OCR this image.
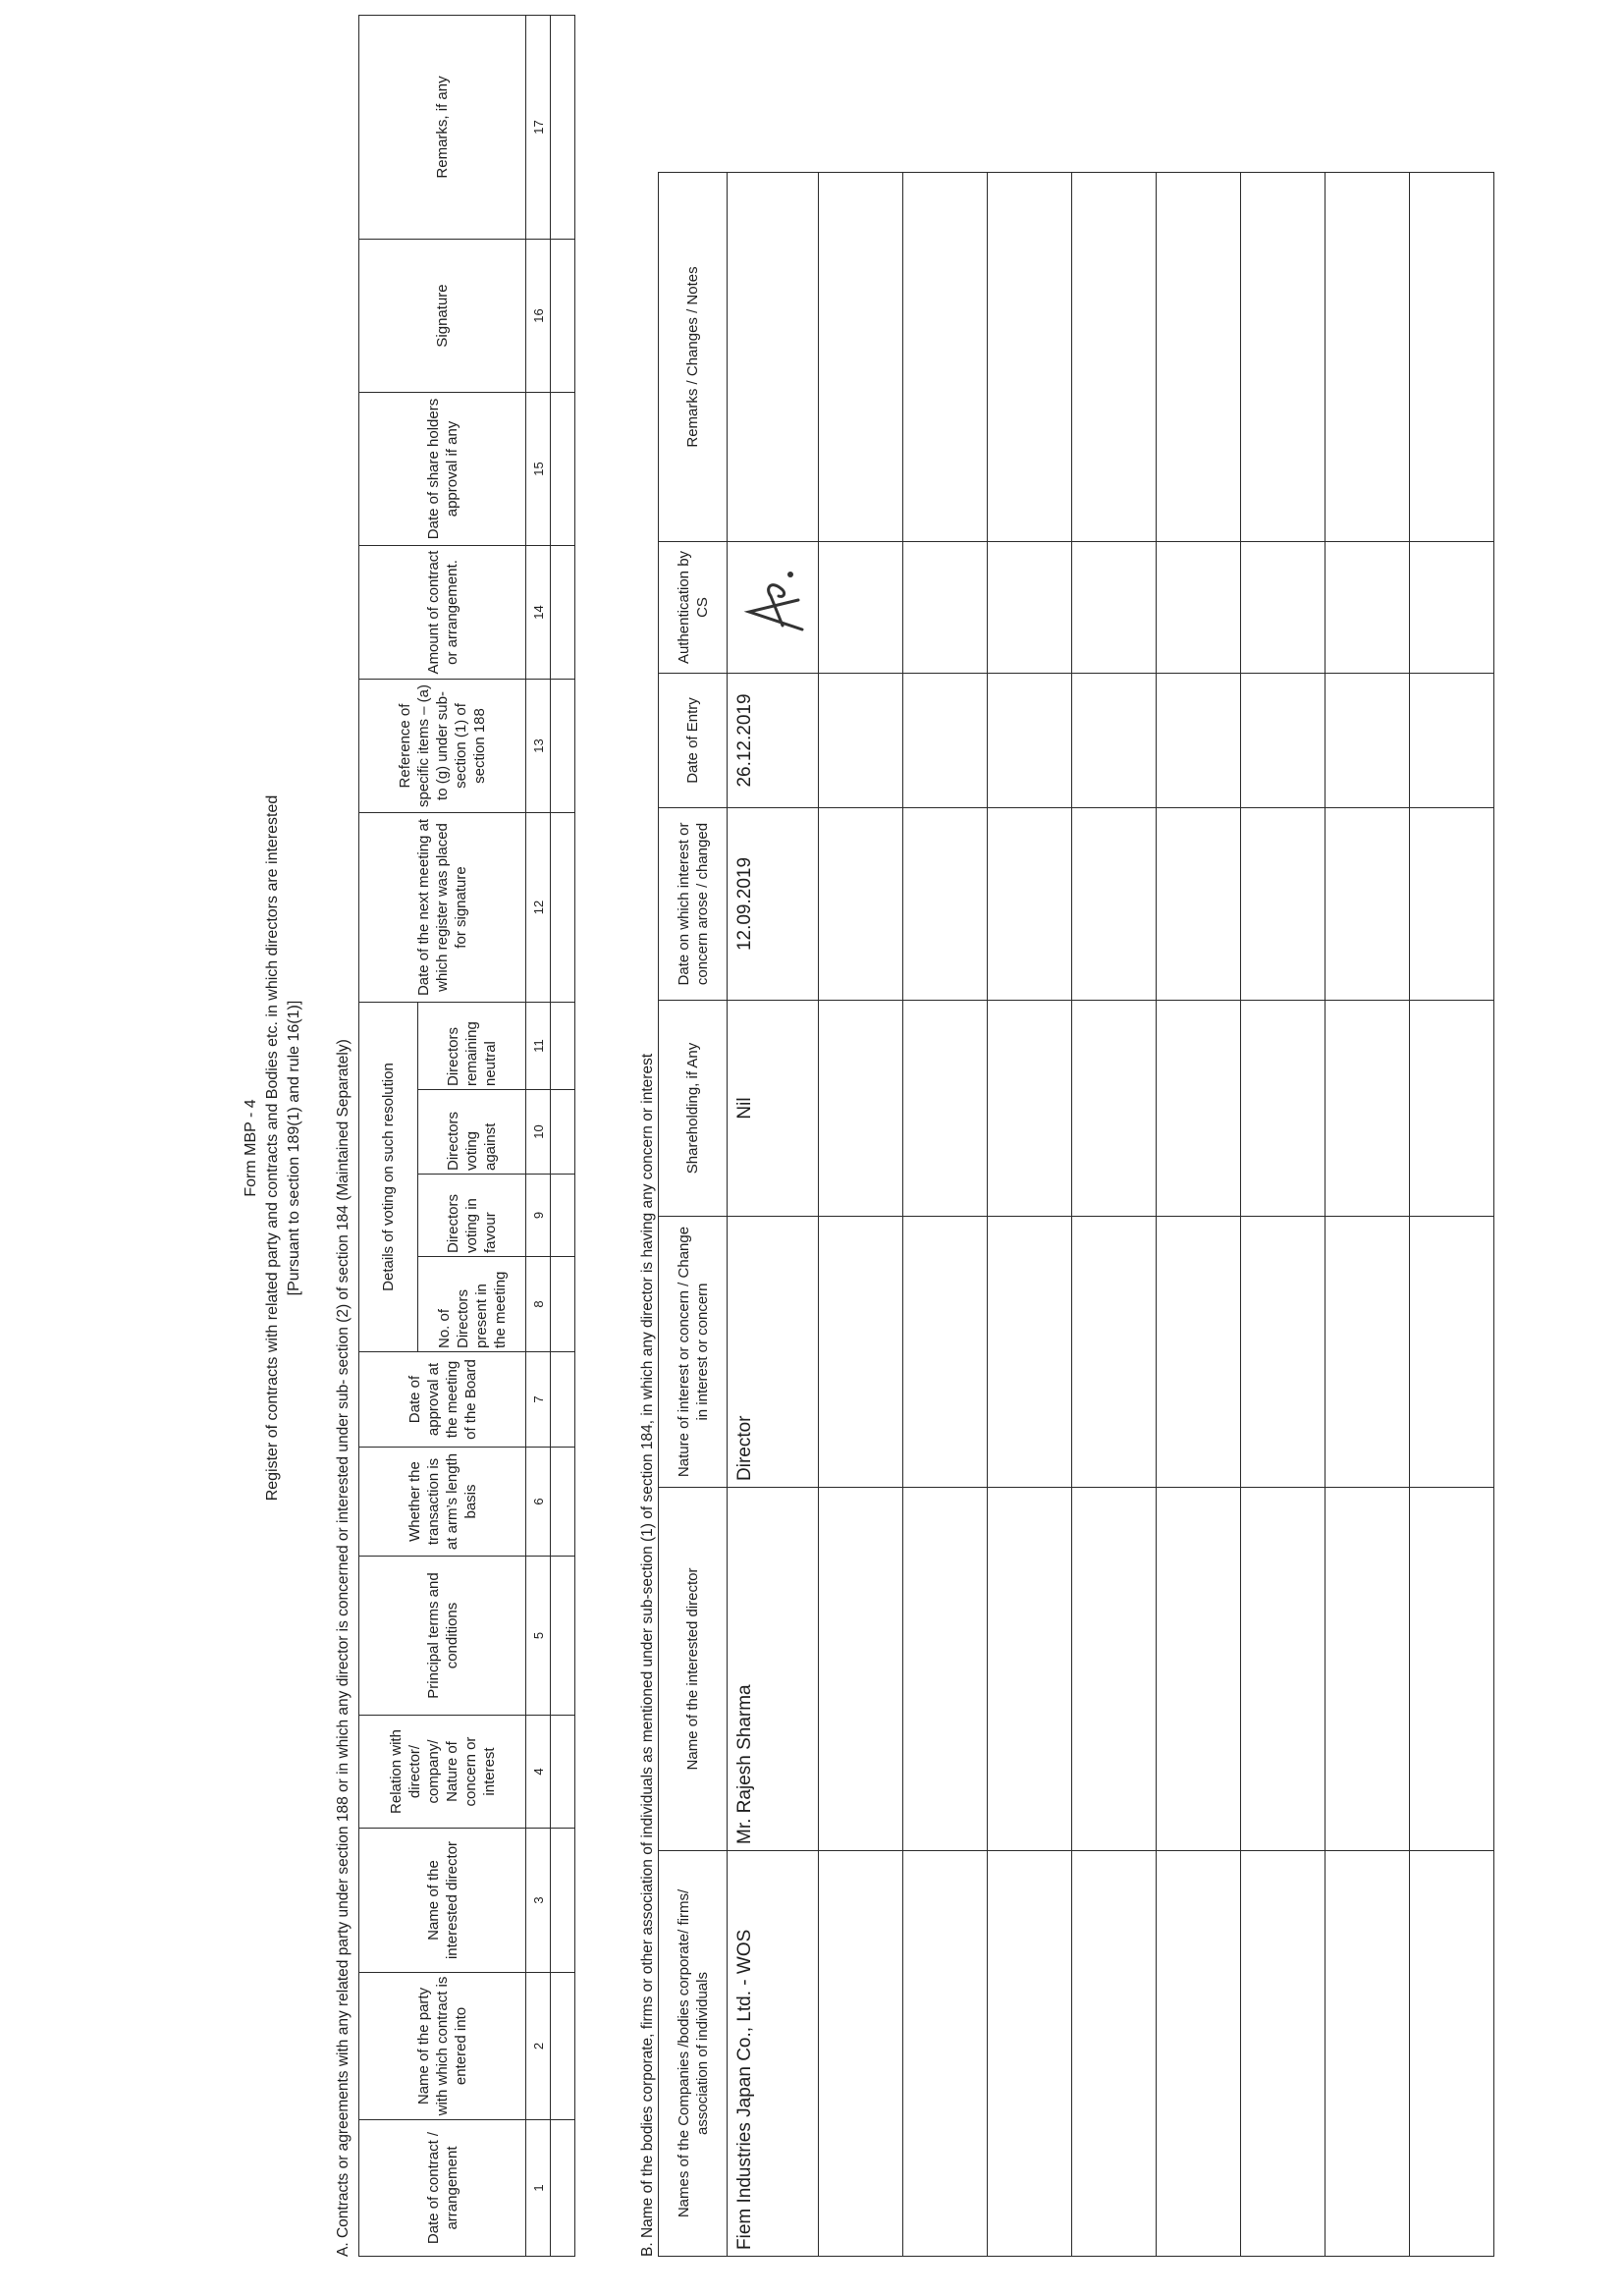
Form MBP - 4 Register of contracts with related party and contracts and Bodies etc. in which directors are interested [Pursuant to section 189(1) and rule 16(1)] A. Contracts or agreements with any related party under section 188 or in which any director is concerned or interested under sub- section (2) of section 184 (Maintained Separately)	Date of contract / arrangement	Name of the party with which contract is entered into	Name of the interested director	Relation with director/ company/ Nature of concern or interest	Principal terms and conditions	Whether the transaction is at arm’s length basis	Date of approval at the meeting of the Board	Details of voting on such resolution				Date of the next meeting at which register was placed for signature	Reference of specific items – (a) to (g) under sub-section (1) of section 188	Amount of contract or arrangement.	Date of share holders approval if any	Signature	Remarks, if any
							No. of Directors present in the meeting	Directors voting in favour	Directors voting against	Directors remaining neutral						
1	2	3	4	5	6	7	8	9	10	11	12	13	14	15	16	17

B. Name of the bodies corporate, firms or other association of individuals as mentioned under sub-section (1) of section 184, in which any director is having any concern or interest Names of the Companies /bodies corporate/ firms/ association of individuals	Name of the interested director	Nature of interest or concern / Change in interest or concern	Shareholding, if Any	Date on which interest or concern arose / changed	Date of Entry	Authentication by CS	Remarks / Changes / Notes
Fiem Industries Japan Co., Ltd. - WOS	Mr. Rajesh Sharma	Director	Nil	12.09.2019	26.12.2019	
